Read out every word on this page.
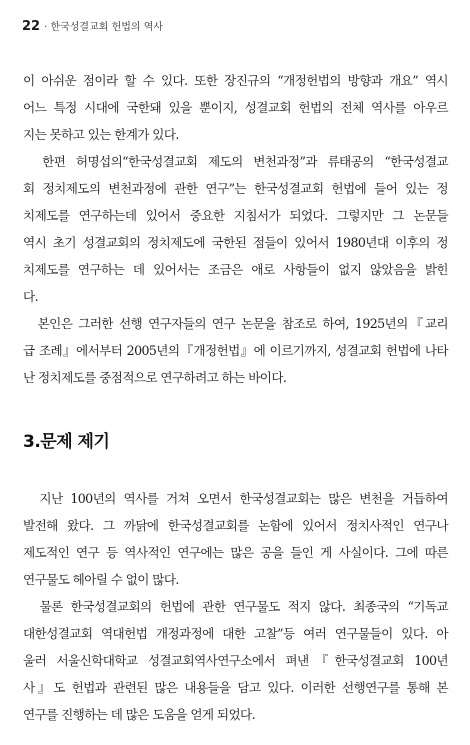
22 · 한국성결교회 헌법의 역사
이 아쉬운 점이라 할 수 있다. 또한 장진규의 “개정헌법의 방향과 개요” 역시
어느 특정 시대에 국한돼 있을 뿐이지, 성결교회 헌법의 전체 역사를 아우르
지는 못하고 있는 한계가 있다.
　한편 허명섭의“한국성결교회 제도의 변천과정”과 류태공의 “한국성결교
회 정치제도의 변천과정에 관한 연구”는 한국성결교회 헌법에 들어 있는 정
치제도를 연구하는데 있어서 중요한 지침서가 되었다. 그렇지만 그 논문들
역시 초기 성결교회의 정치제도에 국한된 점들이 있어서 1980년대 이후의 정
치제도를 연구하는 데 있어서는 조금은 애로 사항들이 없지 않았음을 밝힌
다.
　본인은 그러한 선행 연구자들의 연구 논문을 참조로 하여, 1925년의『교리
급 조례』에서부터 2005년의『개정헌법』에 이르기까지, 성결교회 헌법에 나타
난 정치제도를 중점적으로 연구하려고 하는 바이다.
3.문제 제기
　지난 100년의 역사를 거쳐 오면서 한국성결교회는 많은 변천을 거듭하여
발전해 왔다. 그 까닭에 한국성결교회를 논함에 있어서 정치사적인 연구나
제도적인 연구 등 역사적인 연구에는 많은 공을 들인 게 사실이다. 그에 따른
연구물도 헤아릴 수 없이 많다.
　물론 한국성결교회의 헌법에 관한 연구물도 적지 않다. 최종국의 “기독교
대한성결교회 역대헌법 개정과정에 대한 고찰”등 여러 연구물들이 있다. 아
울러 서울신학대학교 성결교회역사연구소에서 펴낸『한국성결교회 100년
사』도 헌법과 관련된 많은 내용들을 담고 있다. 이러한 선행연구를 통해 본
연구를 진행하는 데 많은 도움을 얻게 되었다.
